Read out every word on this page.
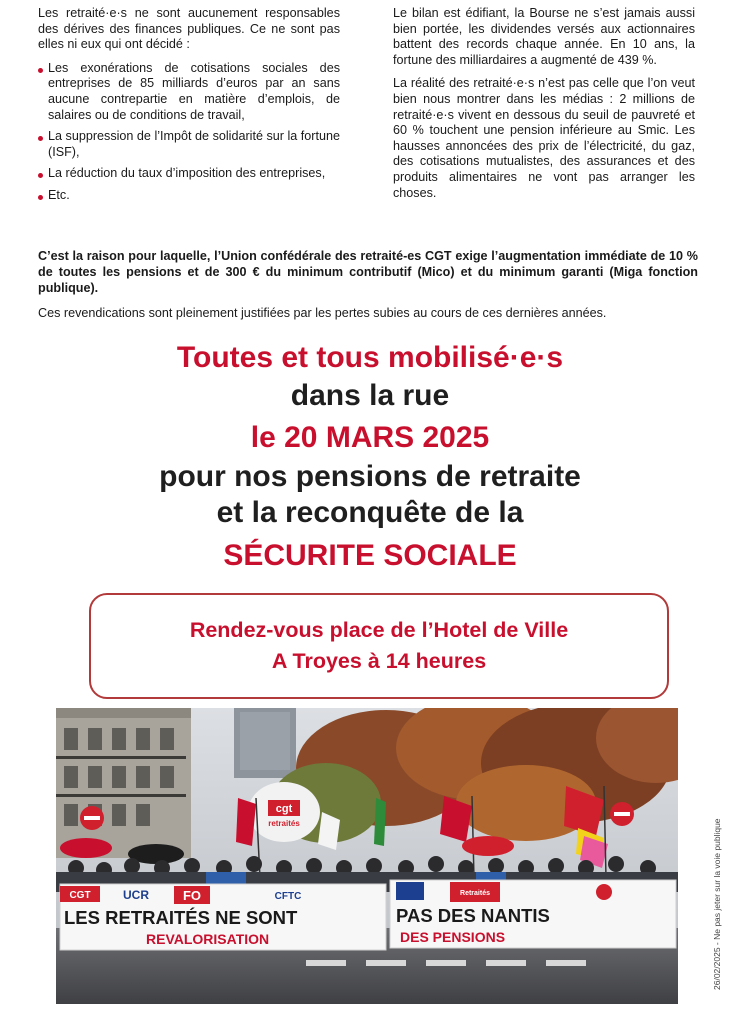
Les retraité·e·s ne sont aucunement responsables des dérives des finances publiques. Ce ne sont pas elles ni eux qui ont décidé :

Les exonérations de cotisations sociales des entreprises de 85 milliards d’euros par an sans aucune contrepartie en matière d’emplois, de salaires ou de conditions de travail,
La suppression de l’Impôt de solidarité sur la fortune (ISF),
La réduction du taux d’imposition des entreprises,
Etc.

Le bilan est édifiant, la Bourse ne s’est jamais aussi bien portée, les dividendes versés aux actionnaires battent des records chaque année. En 10 ans, la fortune des milliardaires a augmenté de 439 %.

La réalité des retraité·e·s n’est pas celle que l’on veut bien nous montrer dans les médias : 2 millions de retraité·e·s vivent en dessous du seuil de pauvreté et 60 % touchent une pension inférieure au Smic. Les hausses annoncées des prix de l’électricité, du gaz, des cotisations mutualistes, des assurances et des produits alimentaires ne vont pas arranger les choses.

C’est la raison pour laquelle, l’Union confédérale des retraité-es CGT exige l’augmentation immédiate de 10 % de toutes les pensions et de 300 € du minimum contributif (Mico) et du minimum garanti (Miga fonction publique).
Ces revendications sont pleinement justifiées par les pertes subies au cours de ces dernières années.
Toutes et tous mobilisé·e·s
dans la rue
le 20 MARS 2025
pour nos pensions de retraite
et la reconquête de la
SÉCURITE SOCIALE
Rendez-vous place de l’Hotel de Ville
A Troyes à 14 heures
cgt
retraités
CGT	UCR	FO	CFTC
LES RETRAITÉS NE SONT
REVALORISATION
Retraités
PAS DES NANTIS
DES PENSIONS	26/02/2025 - Ne pas jeter sur la voie publique
